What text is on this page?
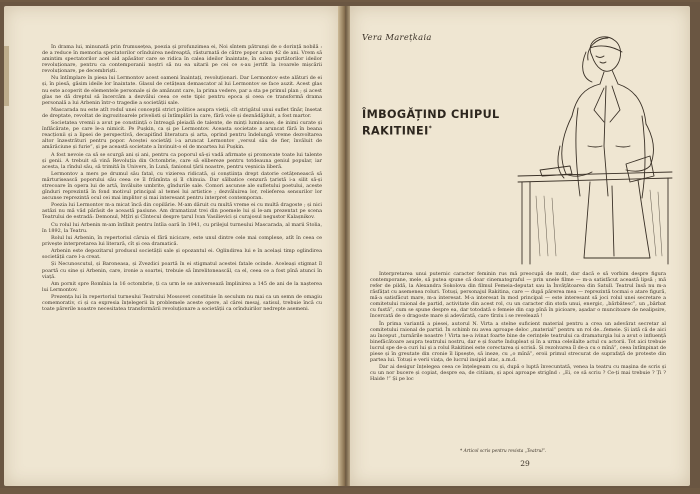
În drama lui, minunată prin frumusețea, poezia și profunzimea ei, Noi sîntem pătrunși de o dorință nobilă : de a reduce în memoria spectatorilor orînduirea nedreaptă, răsturnată de către popor acum 42 de ani. Vrem să amintim spectatorilor acel aid apăsător care se ridica în calea ideilor înaintate, în calea purtătorilor ideilor revoluționare, pentru ca contemporanii noștri să nu ea uitarii pe cei ce s-au jertfit la ivoarele mișcării revoluționare, pe decembriști.

Nu întîmplare în piesa lui Lermontov acest oameni înaintați, revoluționari. Dar Lermontov este alături de ei și, în piesă, găsim ideile lor înaintate. Glasul de cetățean demascator al lui Lermontov se face auzit. Acest glas nu este acoperit de elementele personale și de amănunt care, la prima vedere, par a sta pe primul plan ; și acest glas ne dă dreptul să încercăm a dezvălui ceea ce este tipic pentru epoca și ceea ce transformă drama personală a lui Arbenin într-o tragedie a societății sale.

Mascarada nu este atît roduI unei concepții strict politice asupra vieții, cît strigătul unui suflet tînăr, însetat de dreptate, revoltat de ingrozitoarele privelisti și întîmplări la care, fără voie și deznădăjduit, a fost martor.

Societatea vremii a avut pe constiință o întreagă pleiadă de talente, de minți luminoase, de inimi curate și înflăcărate, pe care le-a nimicit. Pe Pușkin, ca și pe Lermontov. Aceasta societate a aruncat fără în beana reacționii și a lipsei de perspectivă, decapitînd literatura și arta, oprind pentru îndelungă vreme dezvoltarea altor înzestrături pentru popor. Aceștei societăți i-a aruncat Lermontov „versul său de fier, învăluit de amărăciune și furie”, și pe această societate a învinuit-o el de moartea lui Pușkin.

A fost nevoie ca să se scurgă ani și ani, pentru ca poporul să-și vadă afirmate și promovate toate lui talente și genii. A trebuit să vină Revoluția din Octombrie, care să elibereze pentru totdeauna geniul popular, iar acesta, la rîndul său, să trimită în Univers, în Lună, fanionul țării noastre, pentru veșnicia liberă.

Lermontov a mers pe drumul său fatal, cu vizierea ridicată, și conștiința drept datorie cetățenească să mărturisească poporului său ceea ce îl frămînta și îl chinuia. Dar sălbatice cenzură țaristă i-a silit să-și strecoare în opera lui de artă, învăluite umbrite, gîndurile sale. Comori ascunse ale sufletului poetului, aceste gînduri reprezintă în fond motivul principal al temei lui artistice ; dezvăluirea lor, relieferea sensurilor lor ascunse reprezintă ocul cei mai implitor și mai interesant pentru interpret contemporan.

Poezia lui Lermontov m-a micat încă din copilărie. M-am dăruit cu multă vreme ei cu multă dragoste ; și nici astăzi nu mă văd părăsit de această pasiune. Am dramatizat trei din poemele lui și le-am prezentat pe scena Teatrului de estradă: Demonul, Mțîri și Cîntecul despre țarul Ivan Vasilievici și curajosul negustor Kalașnikov.

Cu rolul lui Arbenin m-am întîlnit pentru întîia oară în 1941, cu prilejul turneului Mascarada, al marii Stolia, în 1892, la Teatru.

Rolul lui Arbenin, în repertoriul căruia el fără nicicare, este unul dintre cele mai complexe, atît în ceea ce privește interpretarea lui literară, cît și cea dramatică.

Arbenin este depozitarul produsul societății sale și opozantul ei. Oglindirea lui e în același timp oglindirea societății care l-a creat.

Și Necunoscutul, și Baroneasa, și Zvezdici poartă în ei stigmatul acestei fatale ocinde. Aceleași stigmat îl poartă cu sine și Arbenin, care, ironie a soartei, trebuie să îmrelitoneascăl, ca el, ceea ce a fost pînă atunci în viață.

Am pornit spre Romînia la 16 octombrie, ți ca urm le se aniversează împlinirea a 145 de ani de la nașterea lui Lermontov.

Prezența lui în repertoriul turneului Teatrului Mossovet constituie în seculum nu mai ca un semn de omagiu comemorativ, ci și ca expresia înțelegerii în problemele aceste opere, al cărei mesaj, satisul, trebuie încă cu toate părerile noastre necesitatea transformării revoluționare a societății ca orînduirilor nedrepte asemeni.

Vera Marețkaia
ÎMBOGĂȚIND CHIPUL
RAKITINEI*

Interpretarea unui puternic caracter feminin rus mă preocupă de mult, dar dacă e să vorbim despre figura contemporane, mele, să putea spune că doar cinematograful — prin unele filme — m-a satisfăcut această lipsă ; mă refer de pildă, la Alexandra Sokolova din filmul Femeia-deputat sau la Învățătoarea din Satull. Teatrul însă nu m-a răsfățat cu asemenea roluri. Totuși, personajul Rakitina, care — după părerea mea — reprezintă tocmai o atare figură, mă-a satisfăcut mare, m-a interesat. M-a interesat în mod principal — este interesant să joci rolul unei secretare a comitetului raional de partid, activitate din acest rol, cu un caracter din stofa unui, energic, „bărbătesc”, un „bărbat cu fustă”, cum se spune despre ea, dar totodată o femeie din cap pînă în picioare, așadar o muncitoare de nealipsire, încercată de o dragoste mare și adevărată, care tîrziu i se revelează !

În prima variantă a piesei, autorul N. Virta a stelne suficient material pentru a crea un adevărat secretar al comitetului raional de partid. În schimb nu avea aproape deloc „material” pentru un rol de...femeie. Și iată că de aici au început „turnările noastre ! Virta ne-a ivinat foarte bine de cerințele teatrului ca dramaturgia lui a avut o influență binefăcătoare asupra teatrului nostru, dar e și foarte îndupleat și în a urma celeilalte actul cu actorii. Tot aici trebuie lucrul spe de-a curi lui și a rolul Rakitinei este corectarea și scrisă. Și rezolvarea îl de-a cu o mînă”, ceea întîmpinat de piese și în greutate din cronie îl lipsește, să ineze, cu „o mînă”, eroii primul strecurat de suprafață de proteste din partea lui. Totuși e verii viața, de lucrul insipid atac, a.m.d.

Dar ai desigur înțelegea ceea ce înțelegeam cu și, după o luptă învecuntată, venea la teatru cu mașina de scris și cu un nor bucere și copiat, despre ea, de citiiam, și apoi aproape strigînd : „Ei, ce să scriu ? Ce-ți mai trebuie ? Ți ? Haide !” Și pe loc

* Articol scris pentru revista „Teatrul”.
29
